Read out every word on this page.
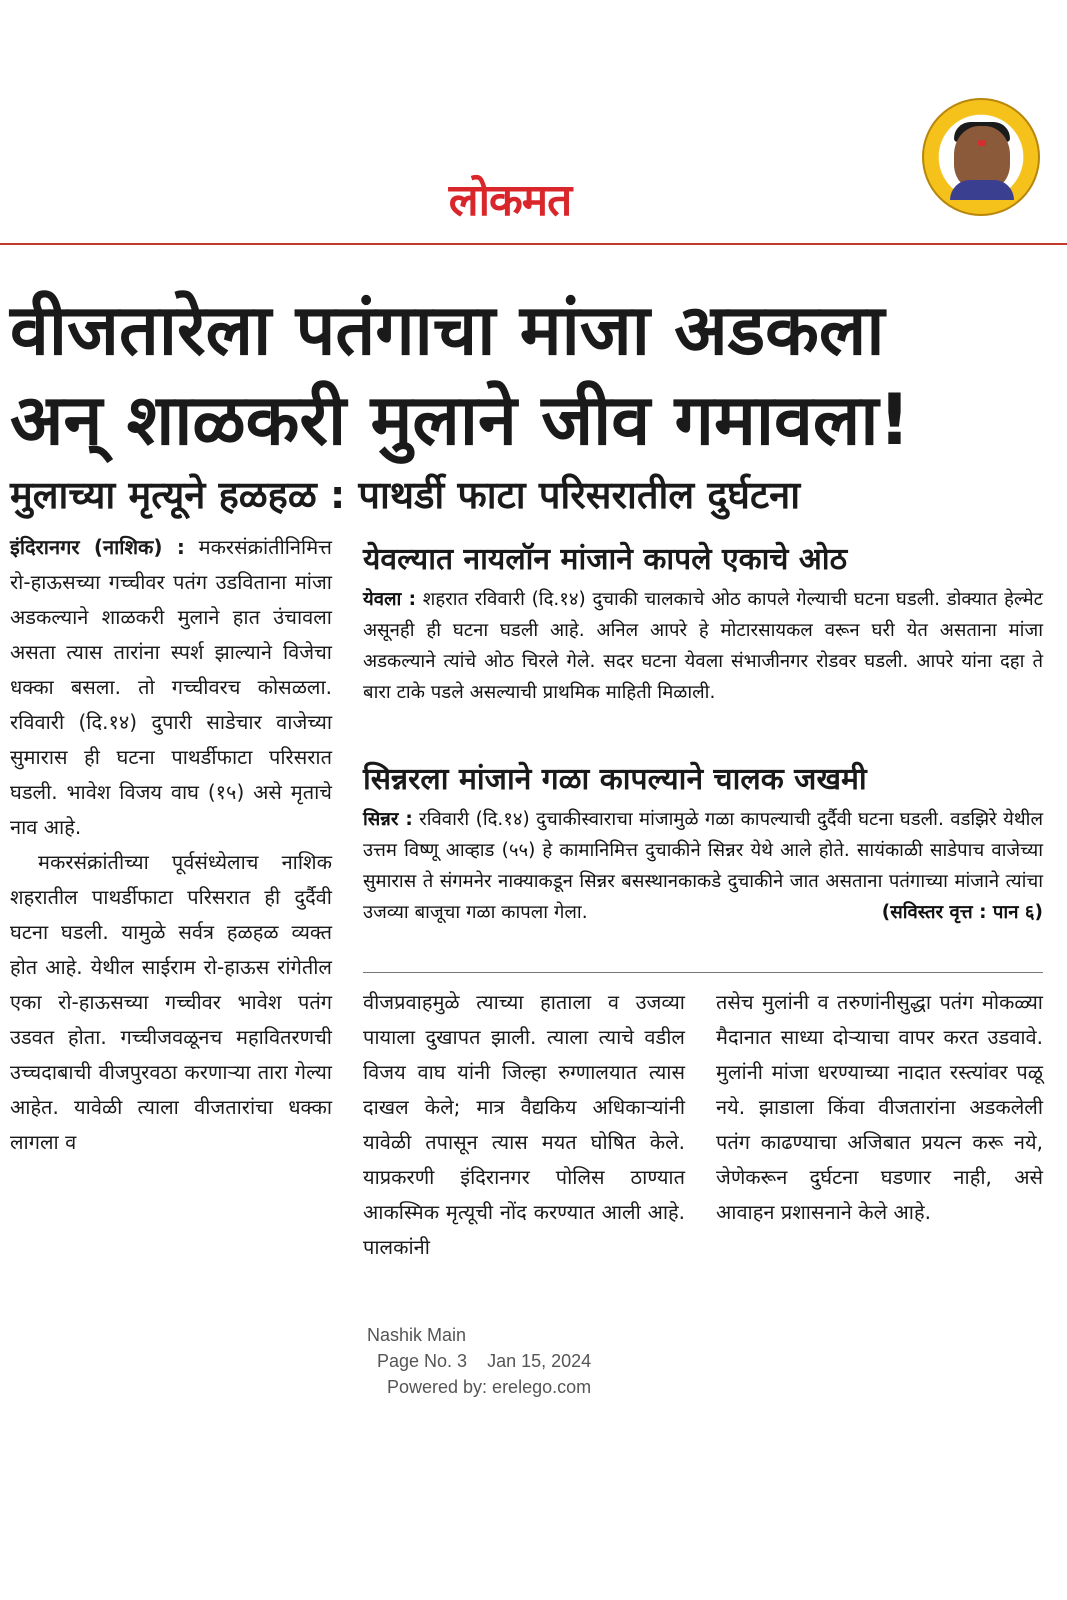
लोकमत
वीजतारेला पतंगाचा मांजा अडकला
अन् शाळकरी मुलाने जीव गमावला!
मुलाच्या मृत्यूने हळहळ : पाथर्डी फाटा परिसरातील दुर्घटना

इंदिरानगर (नाशिक) : मकरसंक्रांतीनिमित्त रो-हाऊसच्या गच्चीवर पतंग उडविताना मांजा अडकल्याने शाळकरी मुलाने हात उंचावला असता त्यास तारांना स्पर्श झाल्याने विजेचा धक्का बसला. तो गच्चीवरच कोसळला. रविवारी (दि.१४) दुपारी साडेचार वाजेच्या सुमारास ही घटना पाथर्डीफाटा परिसरात घडली. भावेश विजय वाघ (१५) असे मृताचे नाव आहे.

मकरसंक्रांतीच्या पूर्वसंध्येलाच नाशिक शहरातील पाथर्डीफाटा परिसरात ही दुर्दैवी घटना घडली. यामुळे सर्वत्र हळहळ व्यक्त होत आहे. येथील साईराम रो-हाऊस रांगेतील एका रो-हाऊसच्या गच्चीवर भावेश पतंग उडवत होता. गच्चीजवळूनच महावितरणची उच्चदाबाची वीजपुरवठा करणाऱ्या तारा गेल्या आहेत. यावेळी त्याला वीजतारांचा धक्का लागला व

येवल्यात नायलॉन मांजाने कापले एकाचे ओठ

येवला : शहरात रविवारी (दि.१४) दुचाकी चालकाचे ओठ कापले गेल्याची घटना घडली. डोक्यात हेल्मेट असूनही ही घटना घडली आहे. अनिल आपरे हे मोटारसायकल वरून घरी येत असताना मांजा अडकल्याने त्यांचे ओठ चिरले गेले. सदर घटना येवला संभाजीनगर रोडवर घडली. आपरे यांना दहा ते बारा टाके पडले असल्याची प्राथमिक माहिती मिळाली.

सिन्नरला मांजाने गळा कापल्याने चालक जखमी

सिन्नर : रविवारी (दि.१४) दुचाकीस्वाराचा मांजामुळे गळा कापल्याची दुर्दैवी घटना घडली. वडझिरे येथील उत्तम विष्णू आव्हाड (५५) हे कामानिमित्त दुचाकीने सिन्नर येथे आले होते. सायंकाळी साडेपाच वाजेच्या सुमारास ते संगमनेर नाक्याकडून सिन्नर बसस्थानकाकडे दुचाकीने जात असताना पतंगाच्या मांजाने त्यांचा उजव्या बाजूचा गळा कापला गेला.	(सविस्तर वृत्त : पान ६)

वीजप्रवाहमुळे त्याच्या हाताला व उजव्या पायाला दुखापत झाली. त्याला त्याचे वडील विजय वाघ यांनी जिल्हा रुग्णालयात त्यास दाखल केले; मात्र वैद्यकिय अधिकाऱ्यांनी यावेळी तपासून त्यास मयत घोषित केले. याप्रकरणी इंदिरानगर पोलिस ठाण्यात आकस्मिक मृत्यूची नोंद करण्यात आली आहे. पालकांनी

तसेच मुलांनी व तरुणांनीसुद्धा पतंग मोकळ्या मैदानात साध्या दोऱ्याचा वापर करत उडवावे. मुलांनी मांजा धरण्याच्या नादात रस्त्यांवर पळू नये. झाडाला किंवा वीजतारांना अडकलेली पतंग काढण्याचा अजिबात प्रयत्न करू नये, जेणेकरून दुर्घटना घडणार नाही, असे आवाहन प्रशासनाने केले आहे.

Nashik Main
Page No. 3 Jan 15, 2024
Powered by: erelego.com
